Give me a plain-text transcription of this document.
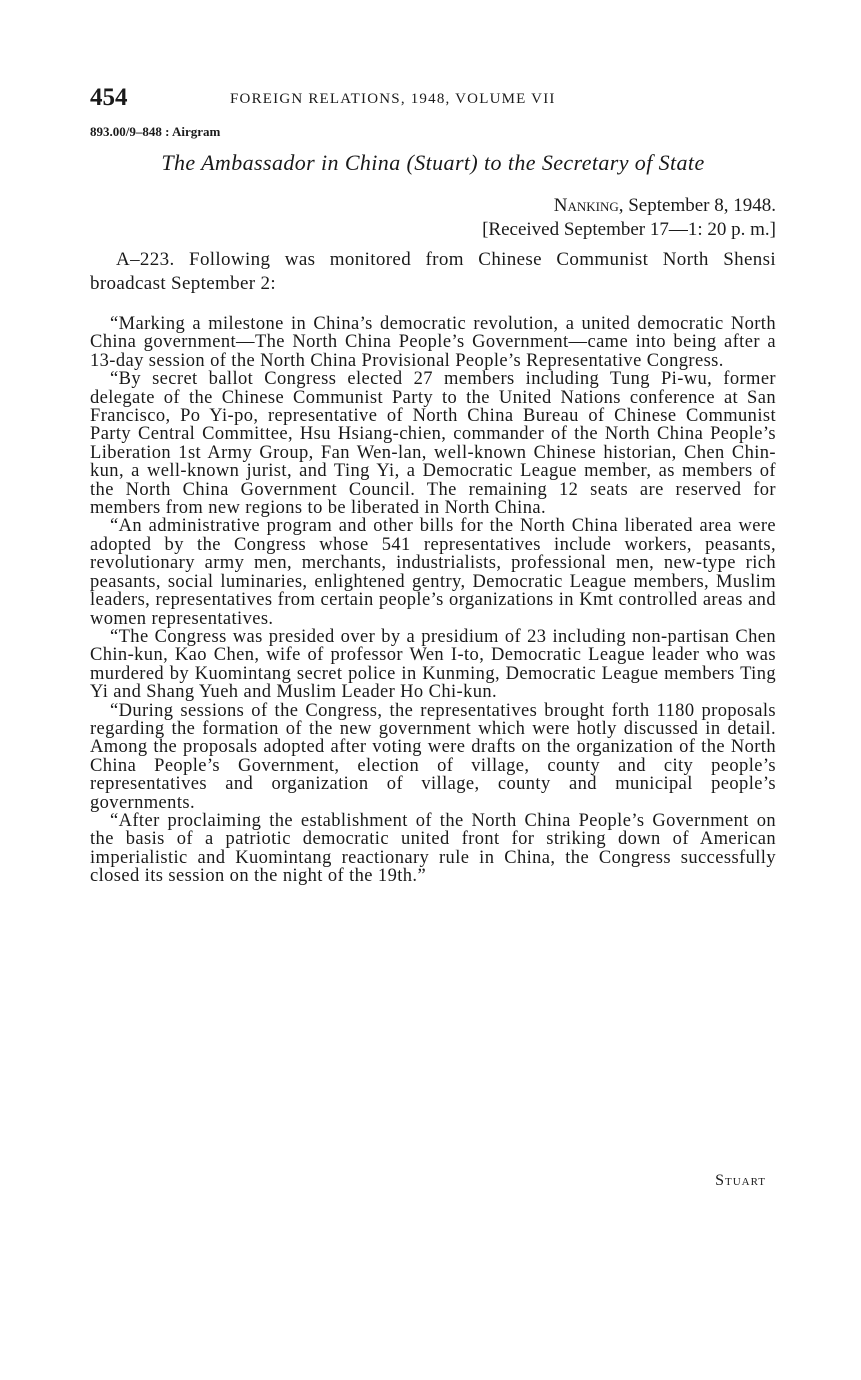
454	FOREIGN RELATIONS, 1948, VOLUME VII
893.00/9–848 : Airgram
The Ambassador in China (Stuart) to the Secretary of State
Nanking, September 8, 1948.
[Received September 17—1: 20 p. m.]

A–223. Following was monitored from Chinese Communist North Shensi broadcast September 2:

“Marking a milestone in China’s democratic revolution, a united democratic North China government—The North China People’s Government—came into being after a 13-day session of the North China Provisional People’s Representative Congress.

“By secret ballot Congress elected 27 members including Tung Pi-wu, former delegate of the Chinese Communist Party to the United Nations conference at San Francisco, Po Yi-po, representative of North China Bureau of Chinese Communist Party Central Committee, Hsu Hsiang-chien, commander of the North China People’s Liberation 1st Army Group, Fan Wen-lan, well-known Chinese historian, Chen Chin-kun, a well-known jurist, and Ting Yi, a Democratic League member, as members of the North China Government Council. The remaining 12 seats are reserved for members from new regions to be liberated in North China.

“An administrative program and other bills for the North China liberated area were adopted by the Congress whose 541 representatives include workers, peasants, revolutionary army men, merchants, industrialists, professional men, new-type rich peasants, social luminaries, enlightened gentry, Democratic League members, Muslim leaders, representatives from certain people’s organizations in Kmt controlled areas and women representatives.

“The Congress was presided over by a presidium of 23 including non-partisan Chen Chin-kun, Kao Chen, wife of professor Wen I-to, Democratic League leader who was murdered by Kuomintang secret police in Kunming, Democratic League members Ting Yi and Shang Yueh and Muslim Leader Ho Chi-kun.

“During sessions of the Congress, the representatives brought forth 1180 proposals regarding the formation of the new government which were hotly discussed in detail. Among the proposals adopted after voting were drafts on the organization of the North China People’s Government, election of village, county and city people’s representatives and organization of village, county and municipal people’s governments.

“After proclaiming the establishment of the North China People’s Government on the basis of a patriotic democratic united front for striking down of American imperialistic and Kuomintang reactionary rule in China, the Congress successfully closed its session on the night of the 19th.”

Stuart
